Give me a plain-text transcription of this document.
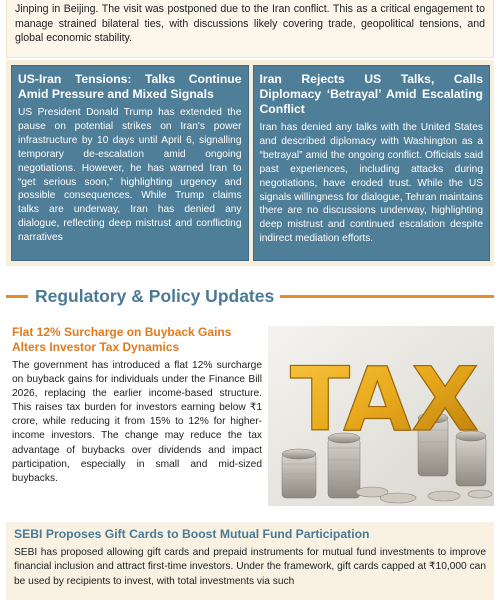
Jinping in Beijing. The visit was postponed due to the Iran conflict. This as a critical engagement to manage strained bilateral ties, with discussions likely covering trade, geopolitical tensions, and global economic stability.

US-Iran Tensions: Talks Continue Amid Pressure and Mixed Signals

US President Donald Trump has extended the pause on potential strikes on Iran's power infrastructure by 10 days until April 6, signalling temporary de-escalation amid ongoing negotiations. However, he has warned Iran to “get serious soon,” highlighting urgency and possible consequences. While Trump claims talks are underway, Iran has denied any dialogue, reflecting deep mistrust and conflicting narratives

Iran Rejects US Talks, Calls Diplomacy ‘Betrayal’ Amid Escalating Conflict

Iran has denied any talks with the United States and described diplomacy with Washington as a “betrayal” amid the ongoing conflict. Officials said past experiences, including attacks during negotiations, have eroded trust. While the US signals willingness for dialogue, Tehran maintains there are no discussions underway, highlighting deep mistrust and continued escalation despite indirect mediation efforts.

Regulatory & Policy Updates
Flat 12% Surcharge on Buyback Gains Alters Investor Tax Dynamics

The government has introduced a flat 12% surcharge on buyback gains for individuals under the Finance Bill 2026, replacing the earlier income-based structure. This raises tax burden for investors earning below ₹1 crore, while reducing it from 15% to 12% for higher-income investors. The change may reduce the tax advantage of buybacks over dividends and impact participation, especially in small and mid-sized buybacks.

TAX
SEBI Proposes Gift Cards to Boost Mutual Fund Participation

SEBI has proposed allowing gift cards and prepaid instruments for mutual fund investments to improve financial inclusion and attract first-time investors. Under the framework, gift cards capped at ₹10,000 can be used by recipients to invest, with total investments via such
